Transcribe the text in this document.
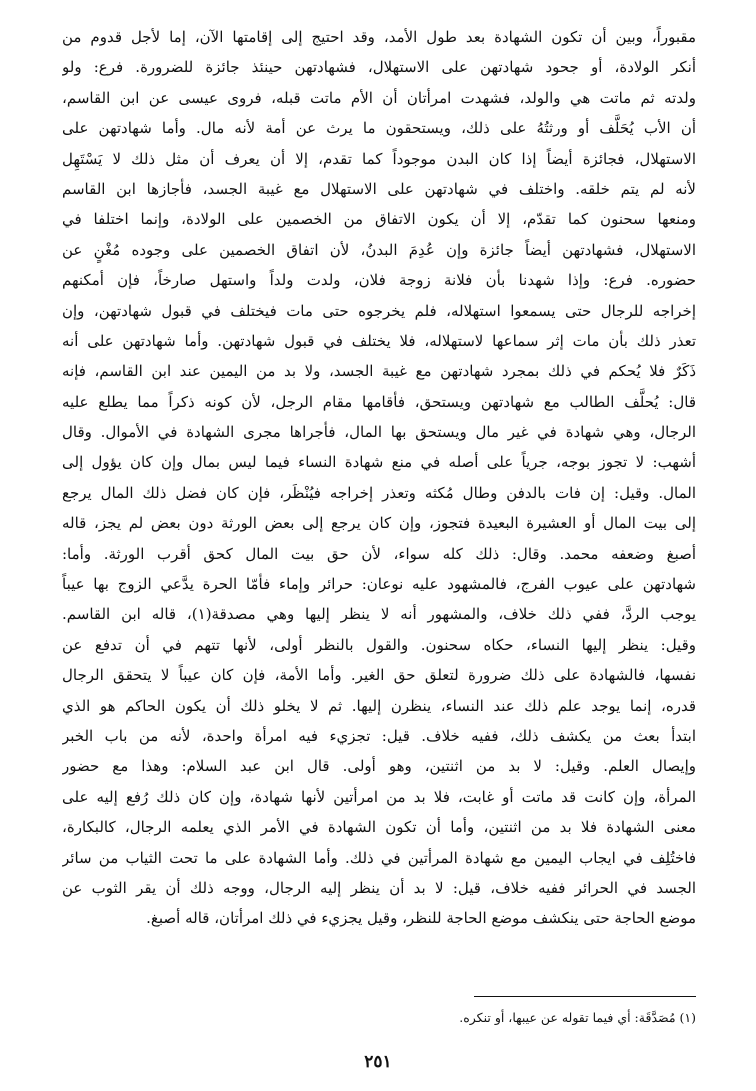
مقبوراً، وبين أن تكون الشهادة بعد طول الأمد، وقد احتيج إلى إقامتها الآن، إما لأجل قدوم من
أنكر الولادة، أو جحود شهادتهن على الاستهلال، فشهادتهن حينئذ جائزة للضرورة. فرع: ولو
ولدته ثم ماتت هي والولد، فشهدت امرأتان أن الأم ماتت قبله، فروى عيسى عن ابن القاسم،
أن الأب يُحَلَّف أو ورثتُهُ على ذلك، ويستحقون ما يرث عن أمة لأنه مال. وأما شهادتهن على
الاستهلال، فجائزة أيضاً إذا كان البدن موجوداً كما تقدم، إلا أن يعرف أن مثل ذلك لا يَسْتَهِل
لأنه لم يتم خلقه. واختلف في شهادتهن على الاستهلال مع غيبة الجسد، فأجازها ابن القاسم
ومنعها سحنون كما تقدّم، إلا أن يكون الاتفاق من الخصمين على الولادة، وإنما اختلفا في
الاستهلال، فشهادتهن أيضاً جائزة وإن عُدِمَ البدنُ، لأن اتفاق الخصمين على وجوده مُغْنٍ عن
حضوره. فرع: وإذا شهدنا بأن فلانة زوجة فلان، ولدت ولداً واستهل صارخاً، فإن أمكنهم
إخراجه للرجال حتى يسمعوا استهلاله، فلم يخرجوه حتى مات فيختلف في قبول شهادتهن، وإن
تعذر ذلك بأن مات إثر سماعها لاستهلاله، فلا يختلف في قبول شهادتهن. وأما شهادتهن على أنه
ذَكَرٌ فلا يُحكم في ذلك بمجرد شهادتهن مع غيبة الجسد، ولا بد من اليمين عند ابن القاسم، فإنه
قال: يُحلَّف الطالب مع شهادتهن ويستحق، فأقامها مقام الرجل، لأن كونه ذكراً مما يطلع عليه
الرجال، وهي شهادة في غير مال ويستحق بها المال، فأجراها مجرى الشهادة في الأموال. وقال
أشهب: لا تجوز بوجه، جرياً على أصله في منع شهادة النساء فيما ليس بمال وإن كان يؤول إلى
المال. وقيل: إن فات بالدفن وطال مُكثه وتعذر إخراجه فيُنْظَر، فإن كان فضل ذلك المال يرجع
إلى بيت المال أو العشيرة البعيدة فتجوز، وإن كان يرجع إلى بعض الورثة دون بعض لم يجز، قاله
أصبغ وضعفه محمد. وقال: ذلك كله سواء، لأن حق بيت المال كحق أقرب الورثة. وأما:
شهادتهن على عيوب الفرج، فالمشهود عليه نوعان: حرائر وإماء فأمّا الحرة يدَّعي الزوج بها عيباً
يوجب الردَّ، ففي ذلك خلاف، والمشهور أنه لا ينظر إليها وهي مصدقة(١)، قاله ابن القاسم.
وقيل: ينظر إليها النساء، حكاه سحنون. والقول بالنظر أولى، لأنها تتهم في أن تدفع عن
نفسها، فالشهادة على ذلك ضرورة لتعلق حق الغير. وأما الأمة، فإن كان عيباً لا يتحقق الرجال
قدره، إنما يوجد علم ذلك عند النساء، ينظرن إليها. ثم لا يخلو ذلك أن يكون الحاكم هو الذي
ابتدأ بعث من يكشف ذلك، ففيه خلاف. قيل: تجزيء فيه امرأة واحدة، لأنه من باب الخبر
وإيصال العلم. وقيل: لا بد من اثنتين، وهو أولى. قال ابن عبد السلام: وهذا مع حضور
المرأة، وإن كانت قد ماتت أو غابت، فلا بد من امرأتين لأنها شهادة، وإن كان ذلك رُفع إليه على
معنى الشهادة فلا بد من اثنتين، وأما أن تكون الشهادة في الأمر الذي يعلمه الرجال، كالبكارة،
فاختُلِف في ايجاب اليمين مع شهادة المرأتين في ذلك. وأما الشهادة على ما تحت الثياب من سائر
الجسد في الحرائر ففيه خلاف، قيل: لا بد أن ينظر إليه الرجال، ووجه ذلك أن يقر الثوب عن
موضع الحاجة حتى ينكشف موضع الحاجة للنظر، وقيل يجزيء في ذلك امرأتان، قاله أصبغ.
(١) مُصَدَّقَة: أي فيما تقوله عن عيبها، أو تنكره.
٢٥١
